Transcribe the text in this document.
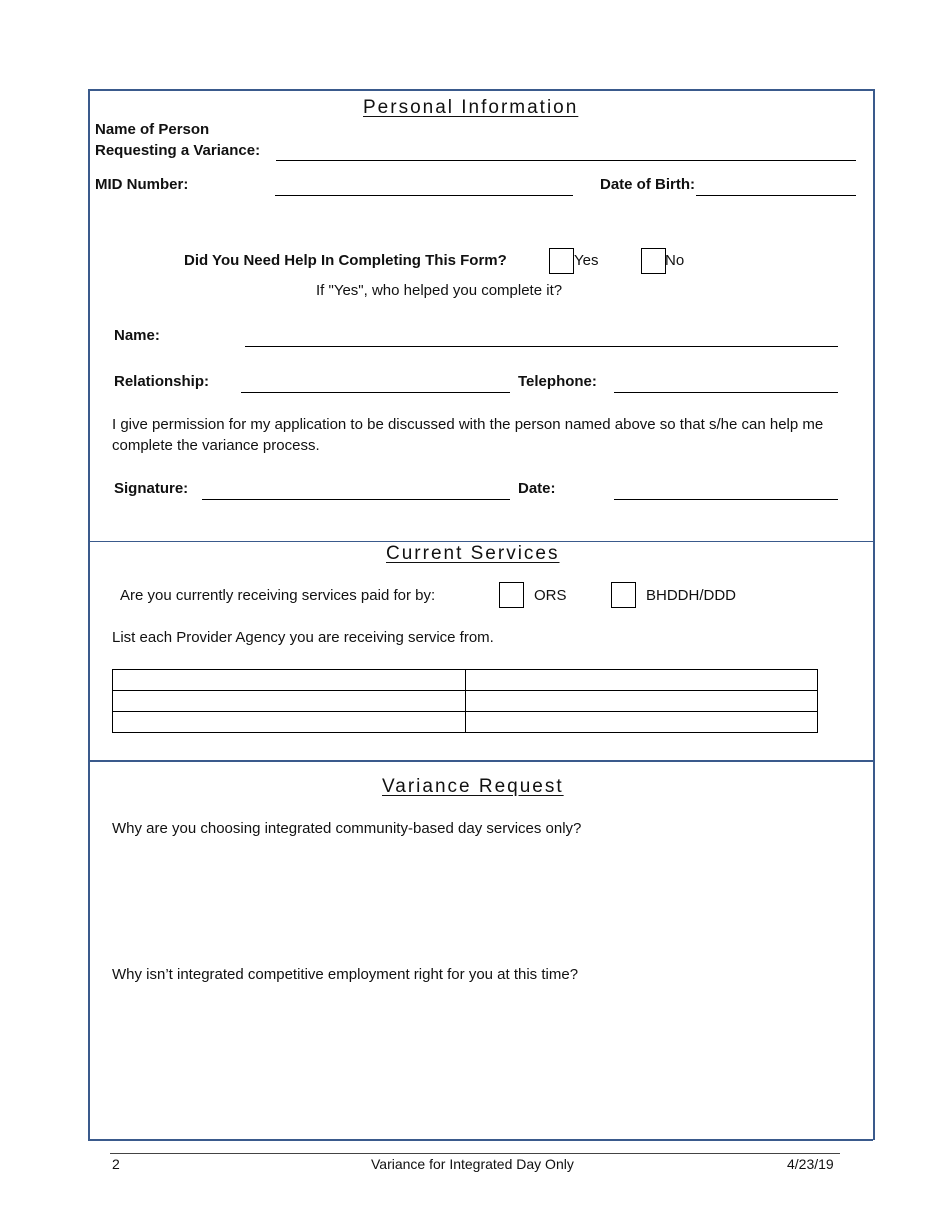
Personal Information
Name of Person
Requesting a Variance:
MID Number:	Date of Birth:
Did You Need Help In Completing This Form?	Yes	No
If "Yes", who helped you complete it?
Name:
Relationship:	Telephone:
I give permission for my application to be discussed with the person named above so that s/he can help me complete the variance process.
Signature:	Date:
Current Services
Are you currently receiving services paid for by:	ORS	BHDDH/DDD
List each Provider Agency you are receiving service from.

Variance Request
Why are you choosing integrated community-based day services only?
Why isn’t integrated competitive employment right for you at this time?
2	Variance for Integrated Day Only	4/23/19
